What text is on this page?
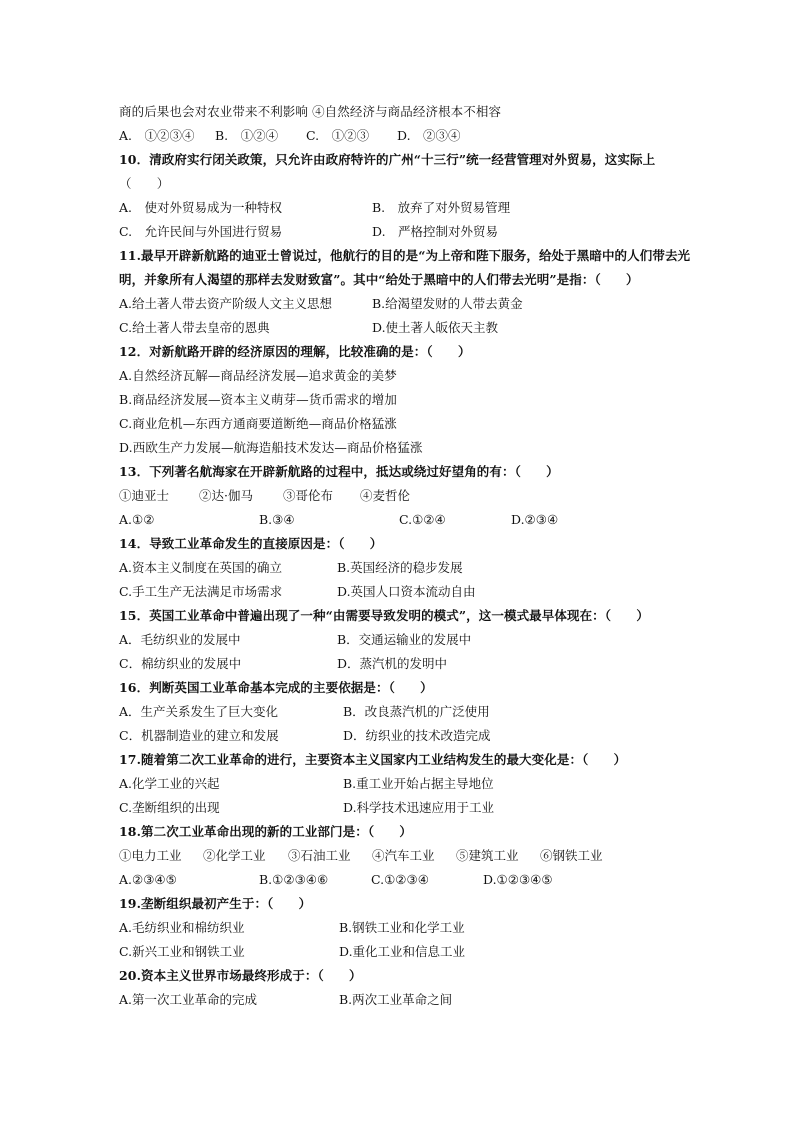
商的后果也会对农业带来不利影响 ④自然经济与商品经济根本不相容
10．清政府实行闭关政策，只允许由政府特许的广州“十三行”统一经营管理对外贸易，这实际上
（　　）
11.最早开辟新航路的迪亚士曾说过，他航行的目的是“为上帝和陛下服务，给处于黑暗中的人们带去光
明，并象所有人渴望的那样去发财致富”。其中“给处于黑暗中的人们带去光明”是指：（　　）
12．对新航路开辟的经济原因的理解，比较准确的是：（　　）
A.自然经济瓦解—商品经济发展—追求黄金的美梦
B.商品经济发展—资本主义萌芽—货币需求的增加
C.商业危机—东西方通商要道断绝—商品价格猛涨
D.西欧生产力发展—航海造船技术发达—商品价格猛涨
13．下列著名航海家在开辟新航路的过程中，抵达或绕过好望角的有：（　　）
14．导致工业革命发生的直接原因是：（　　）
15．英国工业革命中普遍出现了一种“由需要导致发明的模式”，这一模式最早体现在：（　　）
16．判断英国工业革命基本完成的主要依据是：（　　）
17.随着第二次工业革命的进行，主要资本主义国家内工业结构发生的最大变化是：（　　）
18.第二次工业革命出现的新的工业部门是：（　　）
19.垄断组织最初产生于：（　　）
20.资本主义世界市场最终形成于：（　　）
A.　①②③④ B.　①②④ C.　①②③ D.　②③④
A.　使对外贸易成为一种特权	B.　放弃了对外贸易管理
C.　允许民间与外国进行贸易	D.　严格控制对外贸易
A.给土著人带去资产阶级人文主义思想	B.给渴望发财的人带去黄金
C.给土著人带去皇帝的恩典	D.使土著人皈依天主教
①迪亚士 ②达·伽马 ③哥伦布 ④麦哲伦
A.①②	B.③④	C.①②④	D.②③④
A.资本主义制度在英国的确立	B.英国经济的稳步发展
C.手工生产无法满足市场需求	D.英国人口资本流动自由
A．毛纺织业的发展中	B．交通运输业的发展中
C．棉纺织业的发展中	D．蒸汽机的发明中
A．生产关系发生了巨大变化	B．改良蒸汽机的广泛使用
C．机器制造业的建立和发展	D．纺织业的技术改造完成
A.化学工业的兴起	B.重工业开始占据主导地位
C.垄断组织的出现	D.科学技术迅速应用于工业
①电力工业 ②化学工业 ③石油工业 ④汽车工业 ⑤建筑工业 ⑥钢铁工业
A.②③④⑤	B.①②③④⑥	C.①②③④	D.①②③④⑤
A.毛纺织业和棉纺织业	B.钢铁工业和化学工业
C.新兴工业和钢铁工业	D.重化工业和信息工业
A.第一次工业革命的完成	B.两次工业革命之间
